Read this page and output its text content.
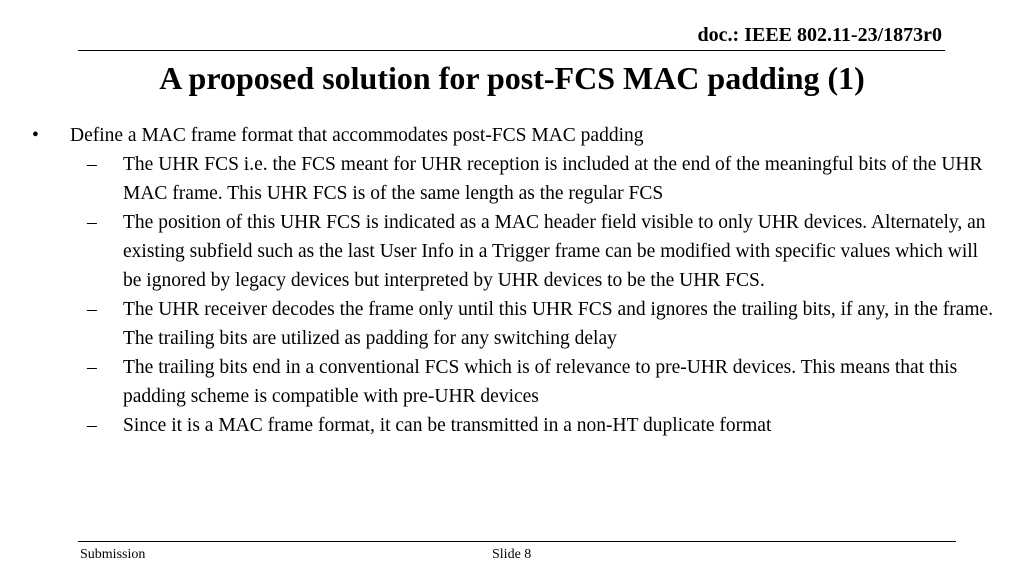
doc.: IEEE 802.11-23/1873r0
A proposed solution for post-FCS MAC padding (1)
• Define a MAC frame format that accommodates post-FCS MAC padding
– The UHR FCS i.e. the FCS meant for UHR reception is included at the end of the meaningful bits of the UHR MAC frame. This UHR FCS is of the same length as the regular FCS
– The position of this UHR FCS is indicated as a MAC header field visible to only UHR devices. Alternately, an existing subfield such as the last User Info in a Trigger frame can be modified with specific values which will be ignored by legacy devices but interpreted by UHR devices to be the UHR FCS.
– The UHR receiver decodes the frame only until this UHR FCS and ignores the trailing bits, if any, in the frame. The trailing bits are utilized as padding for any switching delay
– The trailing bits end in a conventional FCS which is of relevance to pre-UHR devices. This means that this padding scheme is compatible with pre-UHR devices
– Since it is a MAC frame format, it can be transmitted in a non-HT duplicate format
Submission	Slide 8
